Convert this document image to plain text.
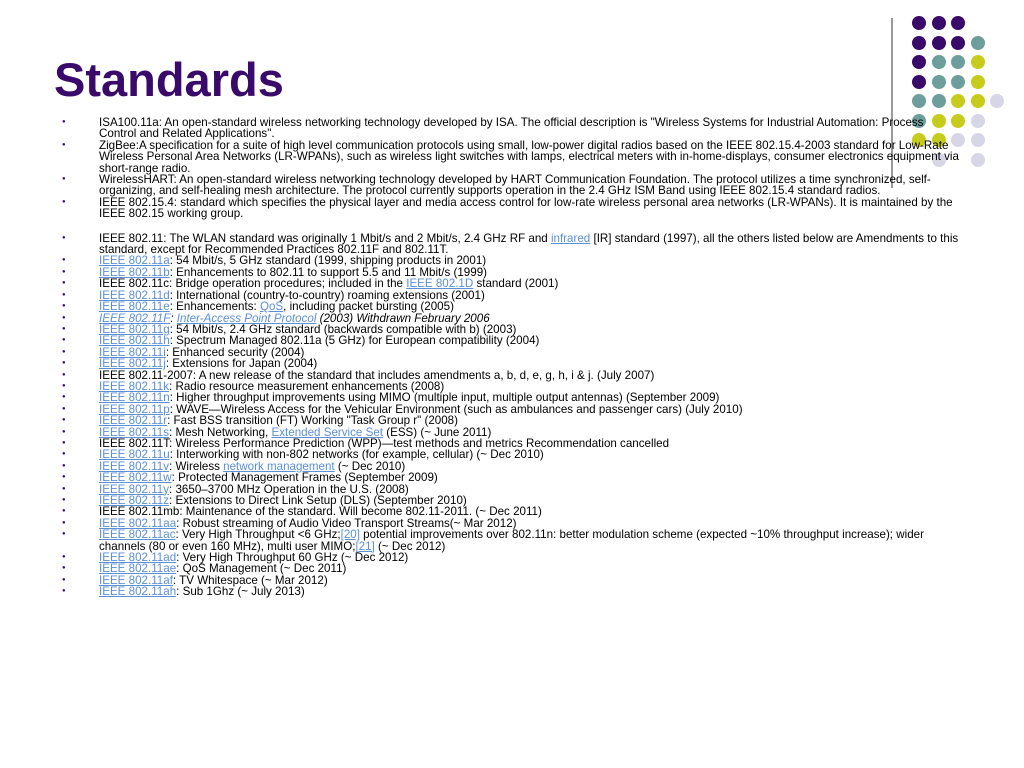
Standards
● ISA100.11a: An open-standard wireless networking technology developed by ISA. The official description is "Wireless Systems for Industrial Automation: Process Control and Related Applications".
● ZigBee:A specification for a suite of high level communication protocols using small, low-power digital radios based on the IEEE 802.15.4-2003 standard for Low-Rate Wireless Personal Area Networks (LR-WPANs), such as wireless light switches with lamps, electrical meters with in-home-displays, consumer electronics equipment via short-range radio.
● WirelessHART: An open-standard wireless networking technology developed by HART Communication Foundation. The protocol utilizes a time synchronized, self-organizing, and self-healing mesh architecture. The protocol currently supports operation in the 2.4 GHz ISM Band using IEEE 802.15.4 standard radios.
● IEEE 802.15.4: standard which specifies the physical layer and media access control for low-rate wireless personal area networks (LR-WPANs). It is maintained by the IEEE 802.15 working group.
● IEEE 802.11: The WLAN standard was originally 1 Mbit/s and 2 Mbit/s, 2.4 GHz RF and infrared [IR] standard (1997), all the others listed below are Amendments to this standard, except for Recommended Practices 802.11F and 802.11T.
● IEEE 802.11a: 54 Mbit/s, 5 GHz standard (1999, shipping products in 2001)
● IEEE 802.11b: Enhancements to 802.11 to support 5.5 and 11 Mbit/s (1999)
● IEEE 802.11c: Bridge operation procedures; included in the IEEE 802.1D standard (2001)
● IEEE 802.11d: International (country-to-country) roaming extensions (2001)
● IEEE 802.11e: Enhancements: QoS, including packet bursting (2005)
● IEEE 802.11F: Inter-Access Point Protocol (2003) Withdrawn February 2006
● IEEE 802.11g: 54 Mbit/s, 2.4 GHz standard (backwards compatible with b) (2003)
● IEEE 802.11h: Spectrum Managed 802.11a (5 GHz) for European compatibility (2004)
● IEEE 802.11i: Enhanced security (2004)
● IEEE 802.11j: Extensions for Japan (2004)
● IEEE 802.11-2007: A new release of the standard that includes amendments a, b, d, e, g, h, i & j. (July 2007)
● IEEE 802.11k: Radio resource measurement enhancements (2008)
● IEEE 802.11n: Higher throughput improvements using MIMO (multiple input, multiple output antennas) (September 2009)
● IEEE 802.11p: WAVE—Wireless Access for the Vehicular Environment (such as ambulances and passenger cars) (July 2010)
● IEEE 802.11r: Fast BSS transition (FT) Working "Task Group r" (2008)
● IEEE 802.11s: Mesh Networking, Extended Service Set (ESS) (~ June 2011)
● IEEE 802.11T: Wireless Performance Prediction (WPP)—test methods and metrics Recommendation cancelled
● IEEE 802.11u: Interworking with non-802 networks (for example, cellular) (~ Dec 2010)
● IEEE 802.11v: Wireless network management (~ Dec 2010)
● IEEE 802.11w: Protected Management Frames (September 2009)
● IEEE 802.11y: 3650–3700 MHz Operation in the U.S. (2008)
● IEEE 802.11z: Extensions to Direct Link Setup (DLS) (September 2010)
● IEEE 802.11mb: Maintenance of the standard. Will become 802.11-2011. (~ Dec 2011)
● IEEE 802.11aa: Robust streaming of Audio Video Transport Streams(~ Mar 2012)
● IEEE 802.11ac: Very High Throughput <6 GHz;[20] potential improvements over 802.11n: better modulation scheme (expected ~10% throughput increase); wider channels (80 or even 160 MHz), multi user MIMO;[21] (~ Dec 2012)
● IEEE 802.11ad: Very High Throughput 60 GHz (~ Dec 2012)
● IEEE 802.11ae: QoS Management (~ Dec 2011)
● IEEE 802.11af: TV Whitespace (~ Mar 2012)
● IEEE 802.11ah: Sub 1Ghz (~ July 2013)
